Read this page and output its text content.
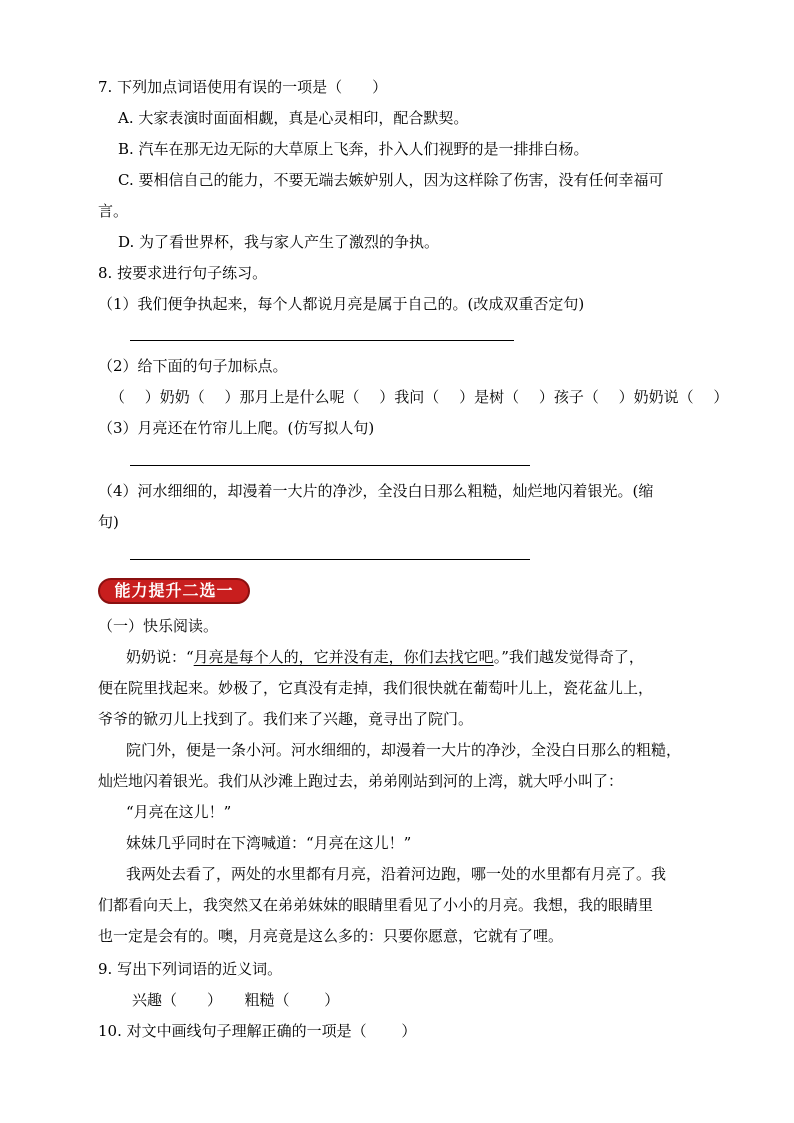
7. 下列加点词语使用有误的一项是（　　）
A. 大家表演时面面相觑，真是心灵相印，配合默契。
B. 汽车在那无边无际的大草原上飞奔，扑入人们视野的是一排排白杨。
C. 要相信自己的能力，不要无端去嫉妒别人，因为这样除了伤害，没有任何幸福可
言。
D. 为了看世界杯，我与家人产生了激烈的争执。
8. 按要求进行句子练习。
（1）我们便争执起来，每个人都说月亮是属于自己的。(改成双重否定句)
（2）给下面的句子加标点。
（　 ）奶奶（　 ）那月上是什么呢（　 ）我问（　 ）是树（　 ）孩子（　 ）奶奶说（　 ）
（3）月亮还在竹帘儿上爬。(仿写拟人句)
（4）河水细细的，却漫着一大片的净沙，全没白日那么粗糙，灿烂地闪着银光。(缩
句)
能力提升二选一
（一）快乐阅读。
奶奶说：“月亮是每个人的，它并没有走，你们去找它吧。”我们越发觉得奇了，
便在院里找起来。妙极了，它真没有走掉，我们很快就在葡萄叶儿上，瓷花盆儿上，
爷爷的锨刃儿上找到了。我们来了兴趣，竟寻出了院门。
院门外，便是一条小河。河水细细的，却漫着一大片的净沙，全没白日那么的粗糙，
灿烂地闪着银光。我们从沙滩上跑过去，弟弟刚站到河的上湾，就大呼小叫了：
“月亮在这儿！”
妹妹几乎同时在下湾喊道：“月亮在这儿！”
我两处去看了，两处的水里都有月亮，沿着河边跑，哪一处的水里都有月亮了。我
们都看向天上，我突然又在弟弟妹妹的眼睛里看见了小小的月亮。我想，我的眼睛里
也一定是会有的。噢，月亮竟是这么多的：只要你愿意，它就有了哩。
9. 写出下列词语的近义词。
兴趣（　　）　　粗糙（　　 ）
10. 对文中画线句子理解正确的一项是（　　 ）
